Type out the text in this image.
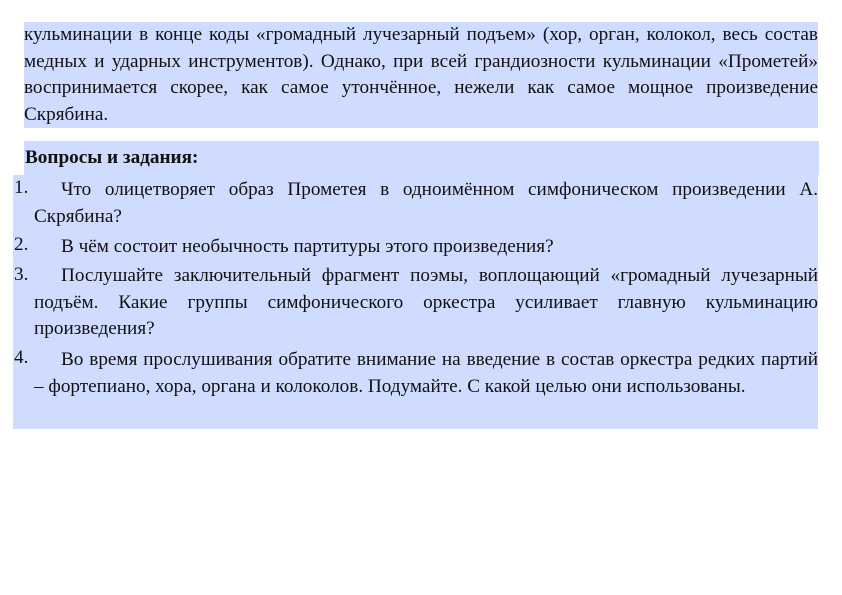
кульминации в конце коды «громадный лучезарный подъем» (хор, орган, колокол, весь состав медных и ударных инструментов). Однако, при всей грандиозности кульминации «Прометей» воспринимается скорее, как самое утончённое, нежели как самое мощное произведение Скрябина.
Вопросы и задания:
1.	Что олицетворяет образ Прометея в одноимённом симфоническом произведении А. Скрябина?
2.	В чём состоит необычность партитуры этого произведения?
3.	Послушайте заключительный фрагмент поэмы, воплощающий «громадный лучезарный подъём. Какие группы симфонического оркестра усиливает главную кульминацию произведения?
4.	Во время прослушивания обратите внимание на введение в состав оркестра редких партий – фортепиано, хора, органа и колоколов. Подумайте. С какой целью они использованы.
